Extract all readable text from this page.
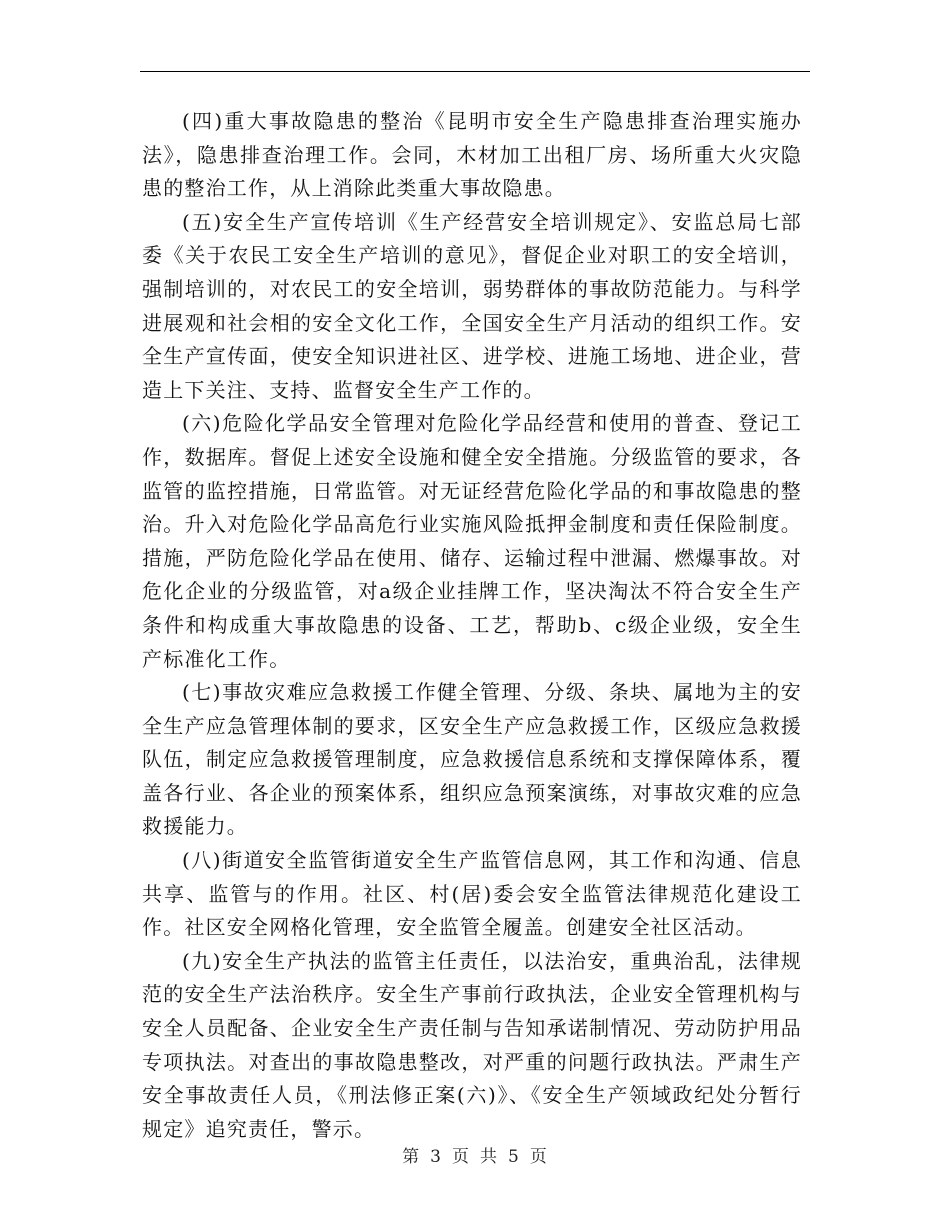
(四)重大事故隐患的整治《昆明市安全生产隐患排查治理实施办法》，隐患排查治理工作。会同，木材加工出租厂房、场所重大火灾隐患的整治工作，从上消除此类重大事故隐患。

(五)安全生产宣传培训《生产经营安全培训规定》、安监总局七部委《关于农民工安全生产培训的意见》，督促企业对职工的安全培训，强制培训的，对农民工的安全培训，弱势群体的事故防范能力。与科学进展观和社会相的安全文化工作，全国安全生产月活动的组织工作。安全生产宣传面，使安全知识进社区、进学校、进施工场地、进企业，营造上下关注、支持、监督安全生产工作的。

(六)危险化学品安全管理对危险化学品经营和使用的普查、登记工作，数据库。督促上述安全设施和健全安全措施。分级监管的要求，各监管的监控措施，日常监管。对无证经营危险化学品的和事故隐患的整治。升入对危险化学品高危行业实施风险抵押金制度和责任保险制度。措施，严防危险化学品在使用、储存、运输过程中泄漏、燃爆事故。对危化企业的分级监管，对a级企业挂牌工作，坚决淘汰不符合安全生产条件和构成重大事故隐患的设备、工艺，帮助b、c级企业级，安全生产标准化工作。

(七)事故灾难应急救援工作健全管理、分级、条块、属地为主的安全生产应急管理体制的要求，区安全生产应急救援工作，区级应急救援队伍，制定应急救援管理制度，应急救援信息系统和支撑保障体系，覆盖各行业、各企业的预案体系，组织应急预案演练，对事故灾难的应急救援能力。

(八)街道安全监管街道安全生产监管信息网，其工作和沟通、信息共享、监管与的作用。社区、村(居)委会安全监管法律规范化建设工作。社区安全网格化管理，安全监管全履盖。创建安全社区活动。

(九)安全生产执法的监管主任责任，以法治安，重典治乱，法律规范的安全生产法治秩序。安全生产事前行政执法，企业安全管理机构与安全人员配备、企业安全生产责任制与告知承诺制情况、劳动防护用品专项执法。对查出的事故隐患整改，对严重的问题行政执法。严肃生产安全事故责任人员，《刑法修正案(六)》、《安全生产领域政纪处分暂行规定》追究责任，警示。

第 3 页 共 5 页
